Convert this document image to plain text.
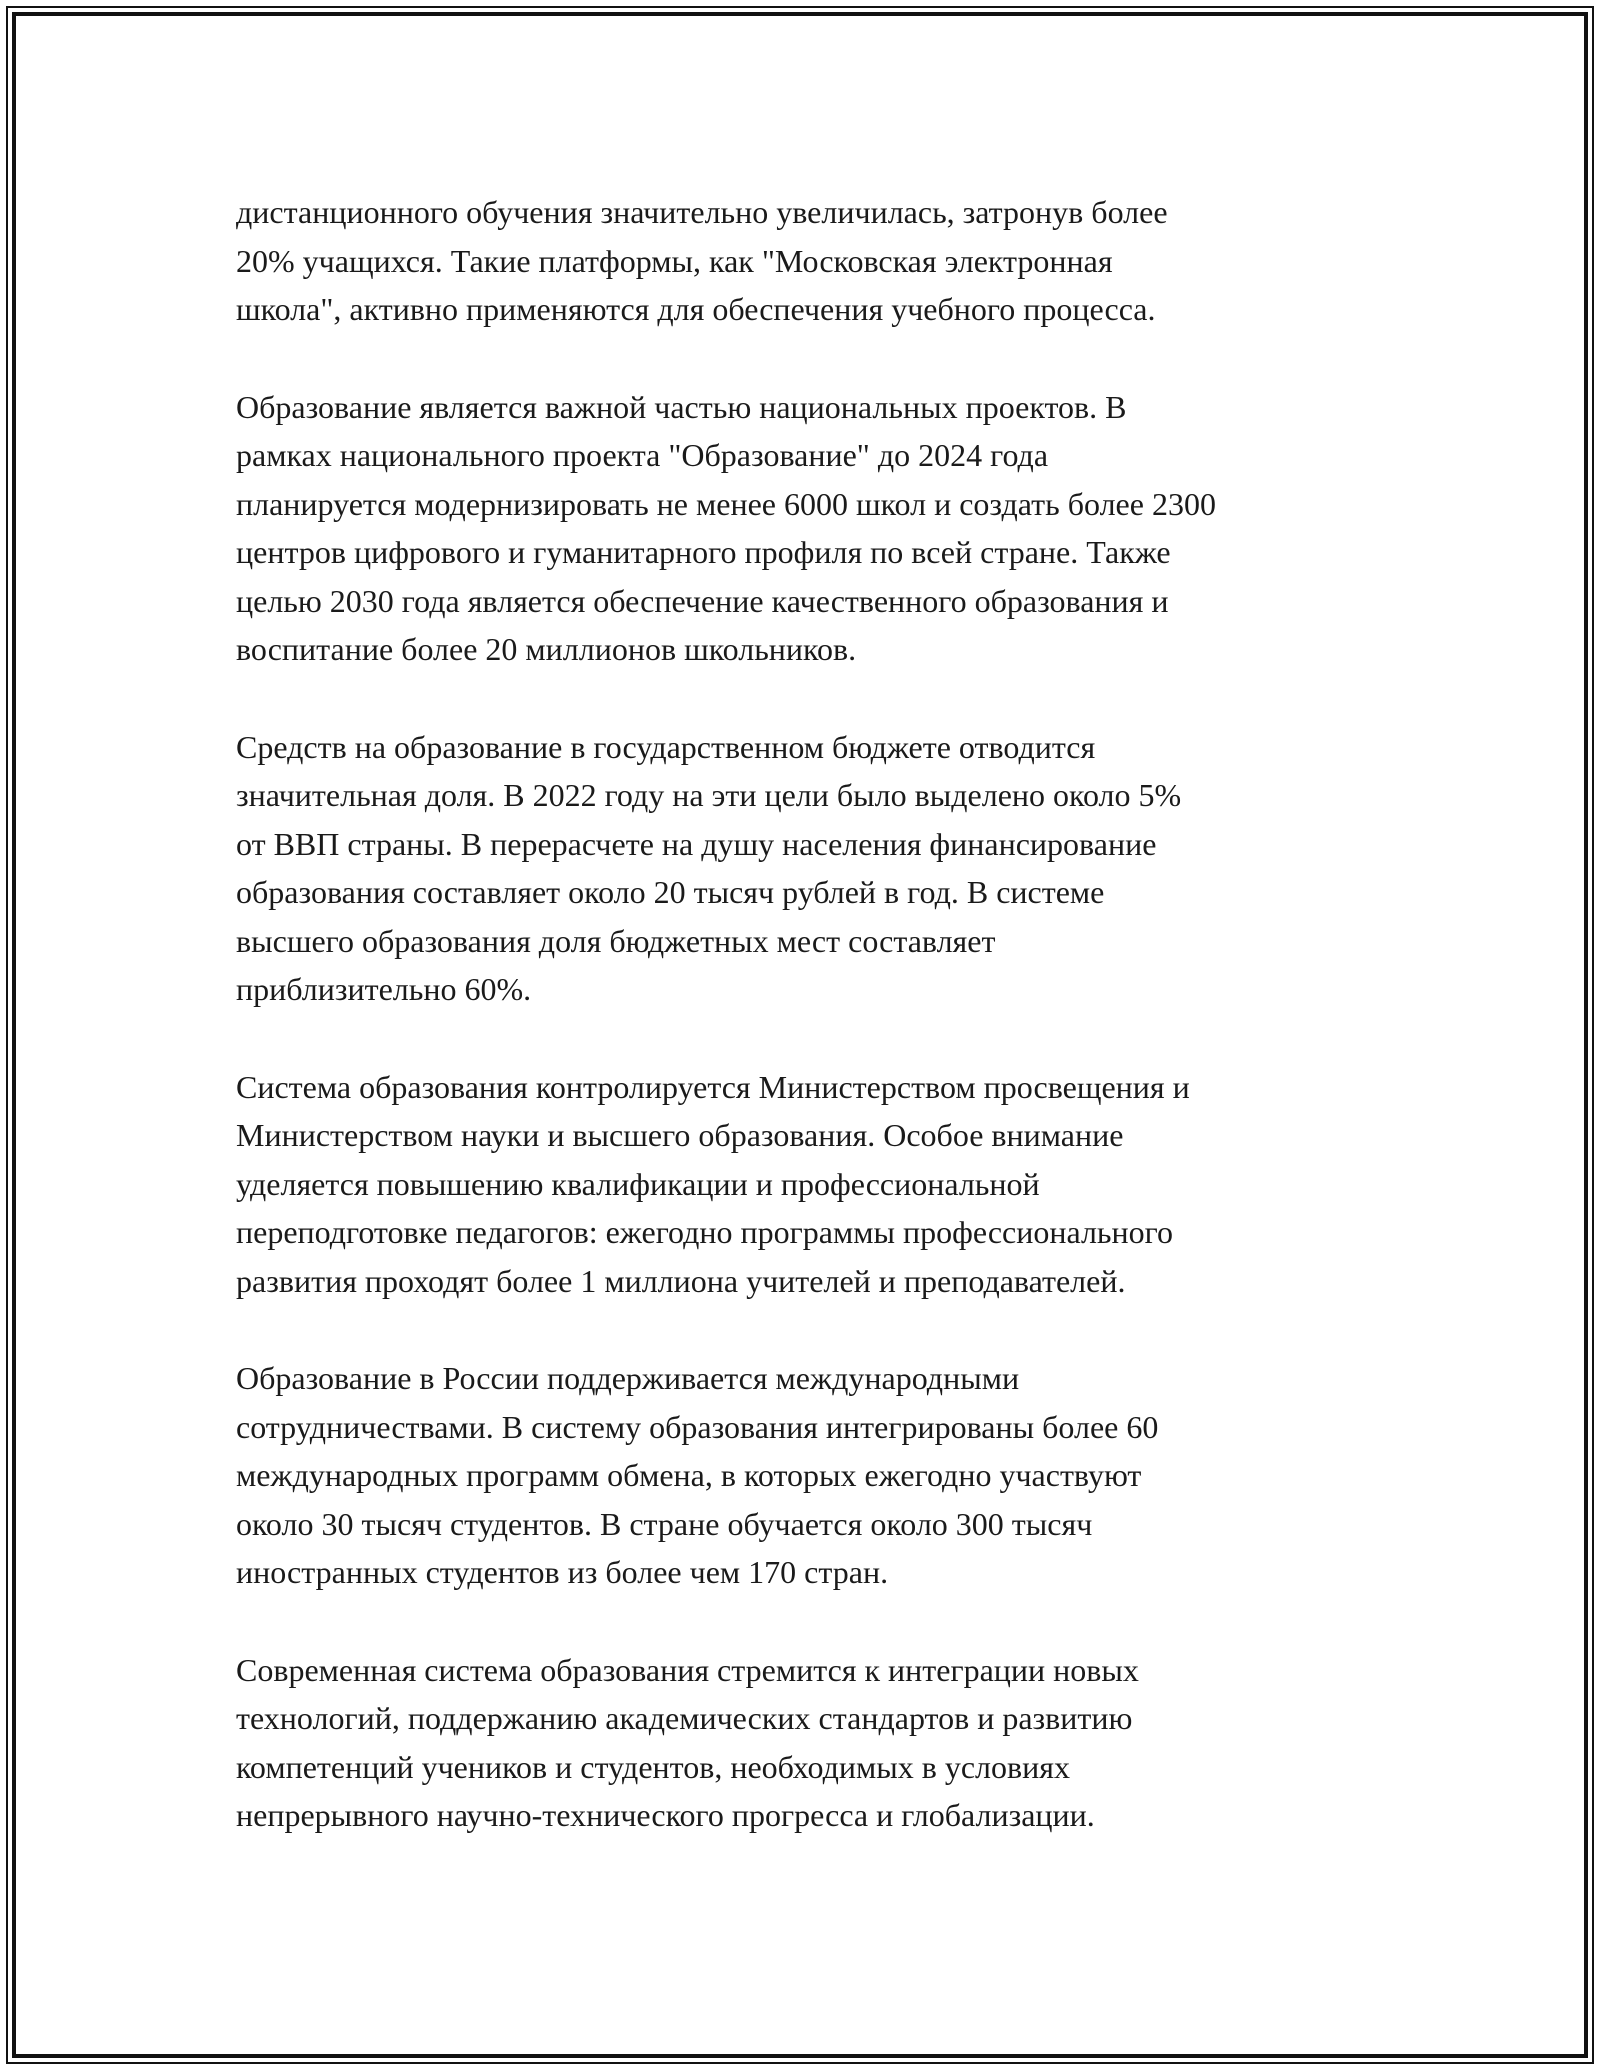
дистанционного обучения значительно увеличилась, затронув более
20% учащихся. Такие платформы, как "Московская электронная
школа", активно применяются для обеспечения учебного процесса.

Образование является важной частью национальных проектов. В
рамках национального проекта "Образование" до 2024 года
планируется модернизировать не менее 6000 школ и создать более 2300
центров цифрового и гуманитарного профиля по всей стране. Также
целью 2030 года является обеспечение качественного образования и
воспитание более 20 миллионов школьников.

Средств на образование в государственном бюджете отводится
значительная доля. В 2022 году на эти цели было выделено около 5%
от ВВП страны. В перерасчете на душу населения финансирование
образования составляет около 20 тысяч рублей в год. В системе
высшего образования доля бюджетных мест составляет
приблизительно 60%.

Система образования контролируется Министерством просвещения и
Министерством науки и высшего образования. Особое внимание
уделяется повышению квалификации и профессиональной
переподготовке педагогов: ежегодно программы профессионального
развития проходят более 1 миллиона учителей и преподавателей.

Образование в России поддерживается международными
сотрудничествами. В систему образования интегрированы более 60
международных программ обмена, в которых ежегодно участвуют
около 30 тысяч студентов. В стране обучается около 300 тысяч
иностранных студентов из более чем 170 стран.

Современная система образования стремится к интеграции новых
технологий, поддержанию академических стандартов и развитию
компетенций учеников и студентов, необходимых в условиях
непрерывного научно-технического прогресса и глобализации.
